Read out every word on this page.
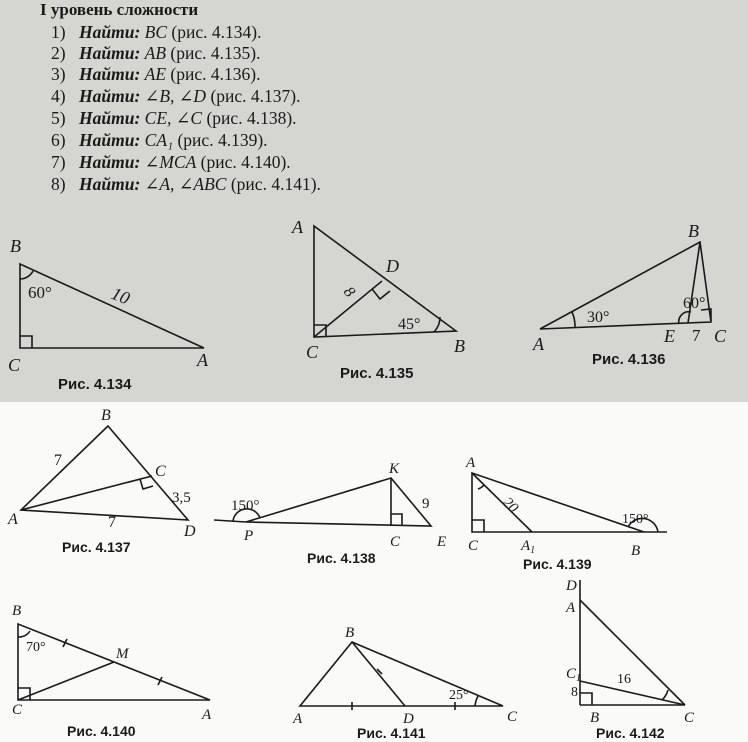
I уровень сложности
1) Найти: BC (рис. 4.134).
2) Найти: AB (рис. 4.135).
3) Найти: AE (рис. 4.136).
4) Найти: ∠B, ∠D (рис. 4.137).
5) Найти: CE, ∠C (рис. 4.138).
6) Найти: CA₁ (рис. 4.139).
7) Найти: ∠MCA (рис. 4.140).
8) Найти: ∠A, ∠ABC (рис. 4.141).
B
C	A
60°	10
Рис. 4.134
A
D
C	B
8
45°
Рис. 4.135
B
A	E C
30°
60°
7
Рис. 4.136
B
C
A
D
7
7
3,5
Рис. 4.137
K
P	C E
150°	9
Рис. 4.138
A
C	$A_1$	B
20
150°
Рис. 4.139
B
M
C	A
70°
Рис. 4.140
B
A	D	C
25°
Рис. 4.141
D
A
$C_1$
B	C
16
8
Рис. 4.142
